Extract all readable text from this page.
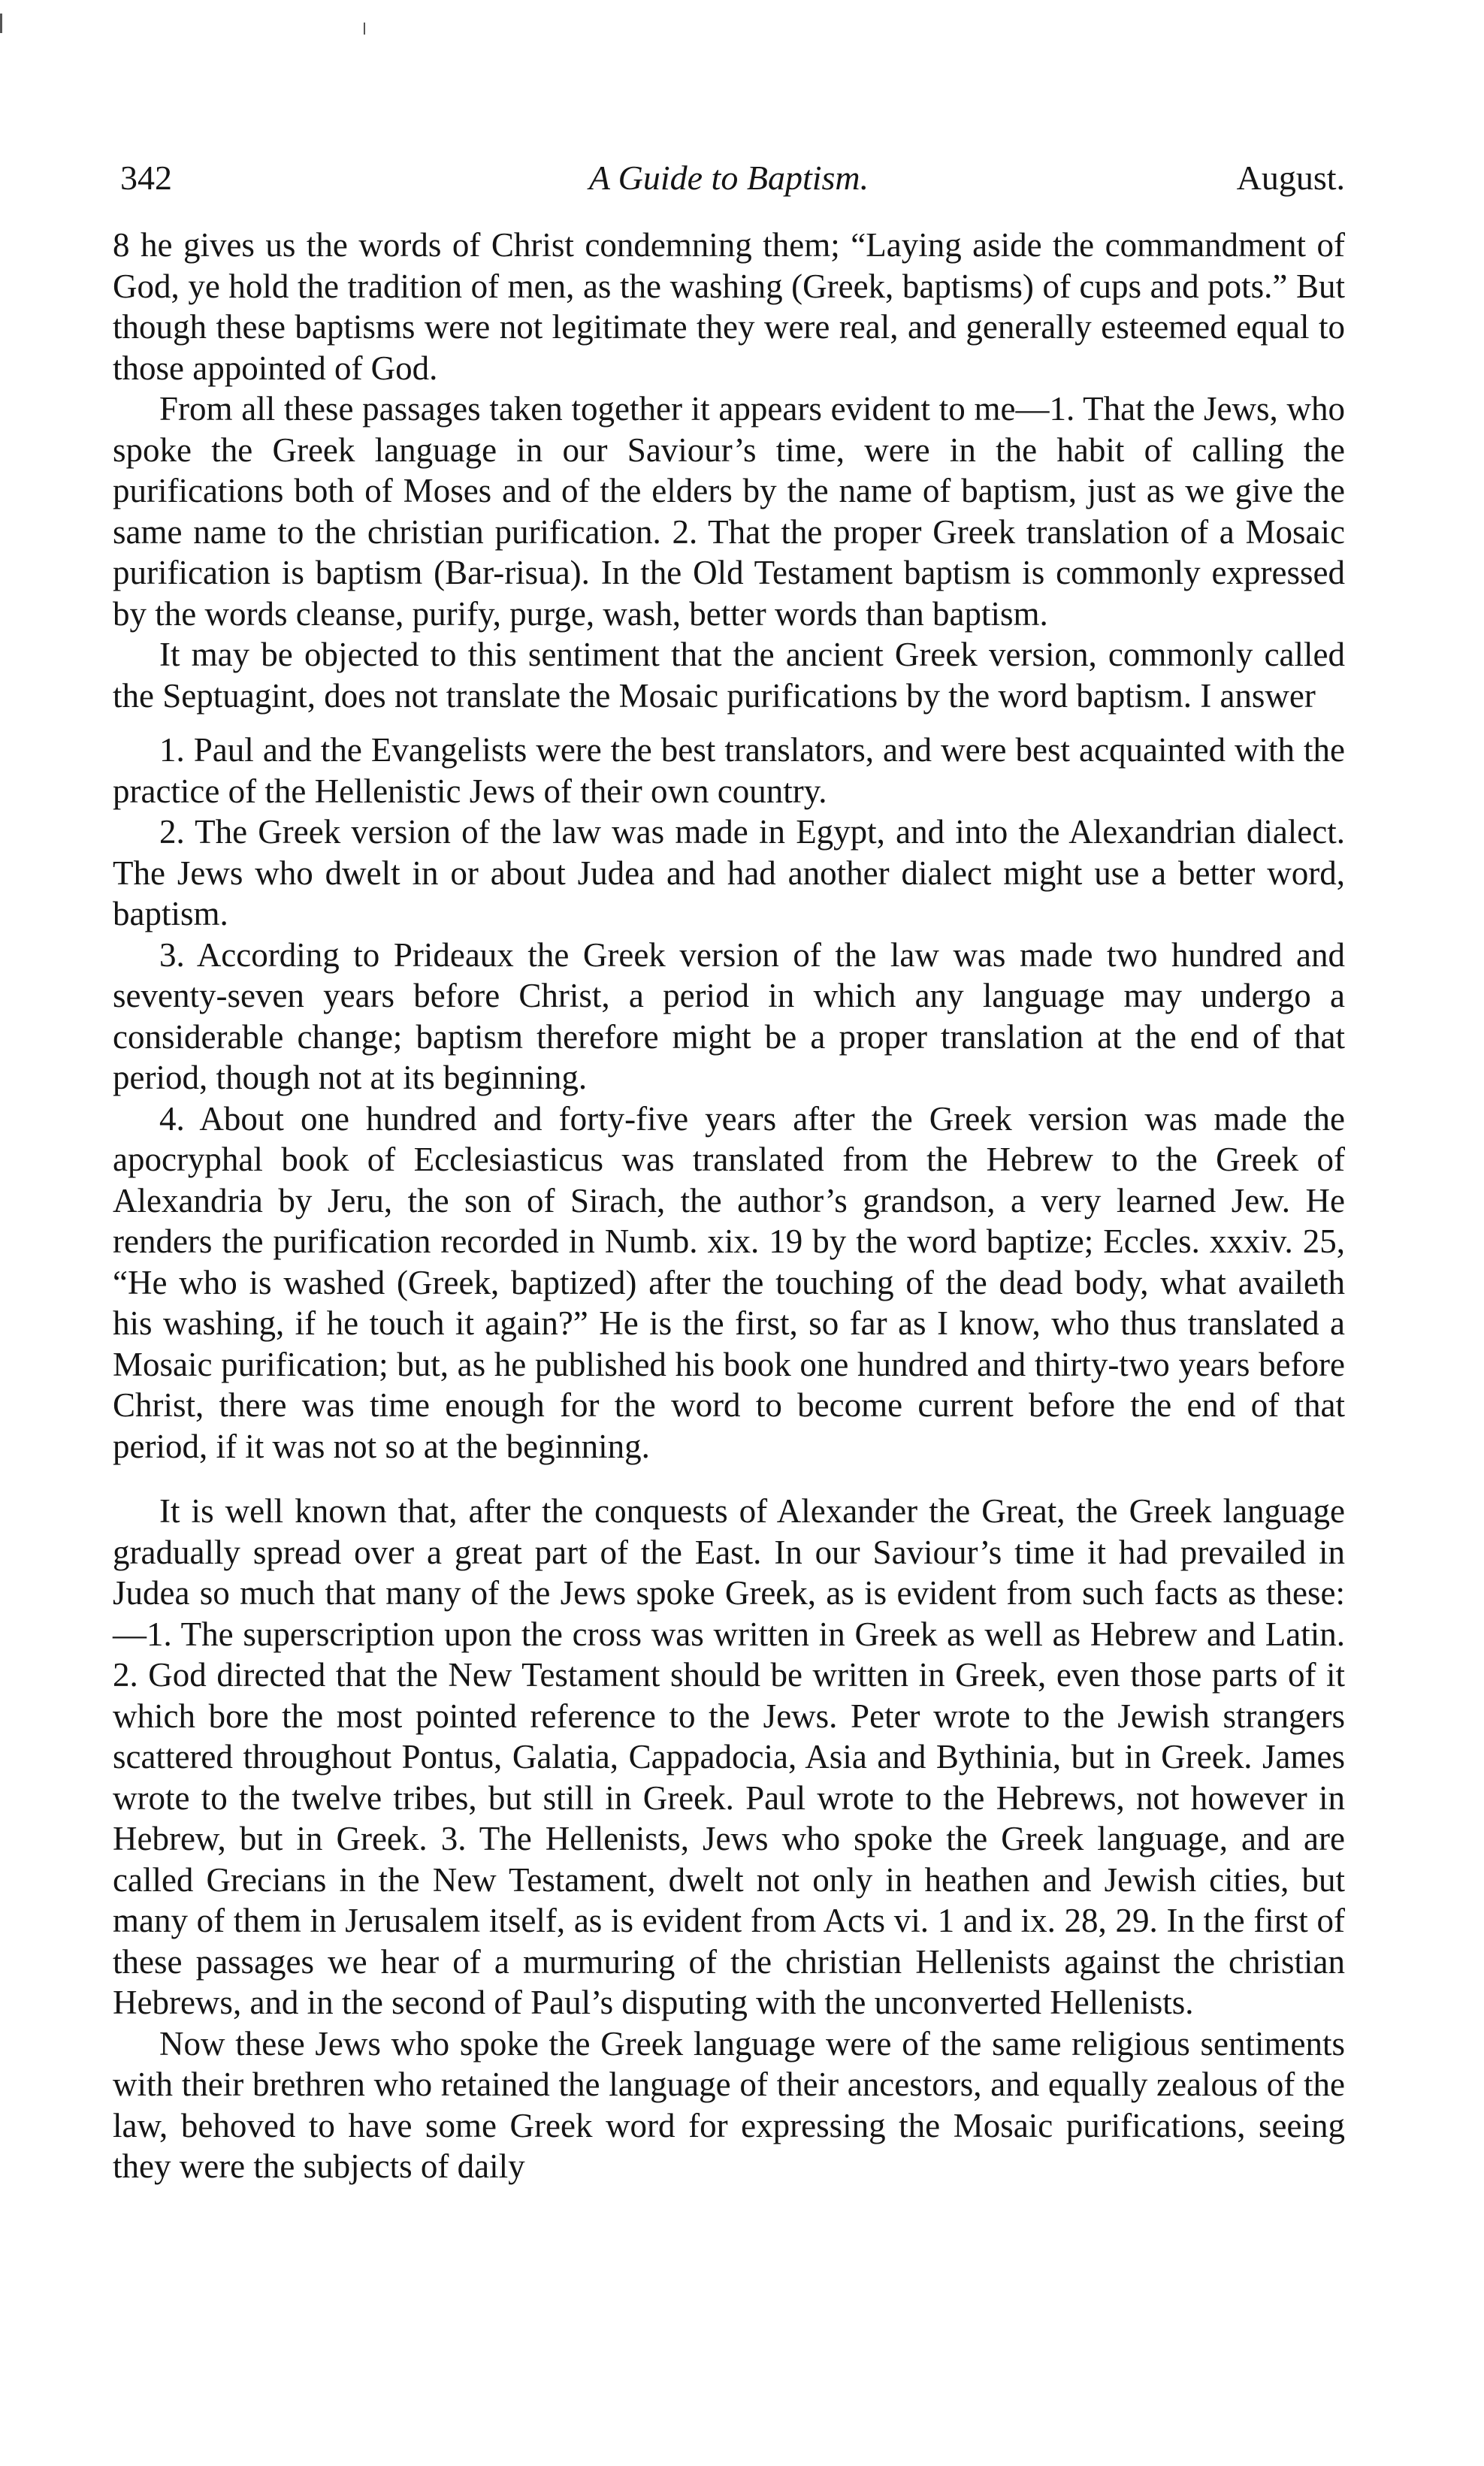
342	A Guide to Baptism.	August.

8 he gives us the words of Christ condemning them; “Laying aside the commandment of God, ye hold the tradition of men, as the washing (Greek, baptisms) of cups and pots.” But though these baptisms were not legitimate they were real, and generally esteemed equal to those appointed of God.

From all these passages taken together it appears evident to me—1. That the Jews, who spoke the Greek language in our Saviour’s time, were in the habit of calling the purifications both of Moses and of the elders by the name of baptism, just as we give the same name to the christian purification. 2. That the proper Greek translation of a Mosaic purification is baptism (Bar-risua). In the Old Testament baptism is commonly expressed by the words cleanse, purify, purge, wash, better words than baptism.

It may be objected to this sentiment that the ancient Greek version, commonly called the Septuagint, does not translate the Mosaic purifications by the word baptism. I answer

1. Paul and the Evangelists were the best translators, and were best acquainted with the practice of the Hellenistic Jews of their own country.

2. The Greek version of the law was made in Egypt, and into the Alexandrian dialect. The Jews who dwelt in or about Judea and had another dialect might use a better word, baptism.

3. According to Prideaux the Greek version of the law was made two hundred and seventy-seven years before Christ, a period in which any language may undergo a considerable change; baptism therefore might be a proper translation at the end of that period, though not at its beginning.

4. About one hundred and forty-five years after the Greek version was made the apocryphal book of Ecclesiasticus was translated from the Hebrew to the Greek of Alexandria by Jeru, the son of Sirach, the author’s grandson, a very learned Jew. He renders the purification recorded in Numb. xix. 19 by the word baptize; Eccles. xxxiv. 25, “He who is washed (Greek, baptized) after the touching of the dead body, what availeth his washing, if he touch it again?” He is the first, so far as I know, who thus translated a Mosaic purification; but, as he published his book one hundred and thirty-two years before Christ, there was time enough for the word to become current before the end of that period, if it was not so at the beginning.

It is well known that, after the conquests of Alexander the Great, the Greek language gradually spread over a great part of the East. In our Saviour’s time it had prevailed in Judea so much that many of the Jews spoke Greek, as is evident from such facts as these:—1. The superscription upon the cross was written in Greek as well as Hebrew and Latin. 2. God directed that the New Testament should be written in Greek, even those parts of it which bore the most pointed reference to the Jews. Peter wrote to the Jewish strangers scattered throughout Pontus, Galatia, Cappadocia, Asia and Bythinia, but in Greek. James wrote to the twelve tribes, but still in Greek. Paul wrote to the Hebrews, not however in Hebrew, but in Greek. 3. The Hellenists, Jews who spoke the Greek language, and are called Grecians in the New Testament, dwelt not only in heathen and Jewish cities, but many of them in Jerusalem itself, as is evident from Acts vi. 1 and ix. 28, 29. In the first of these passages we hear of a murmuring of the christian Hellenists against the christian Hebrews, and in the second of Paul’s disputing with the unconverted Hellenists.

Now these Jews who spoke the Greek language were of the same religious sentiments with their brethren who retained the language of their ancestors, and equally zealous of the law, behoved to have some Greek word for expressing the Mosaic purifications, seeing they were the subjects of daily
